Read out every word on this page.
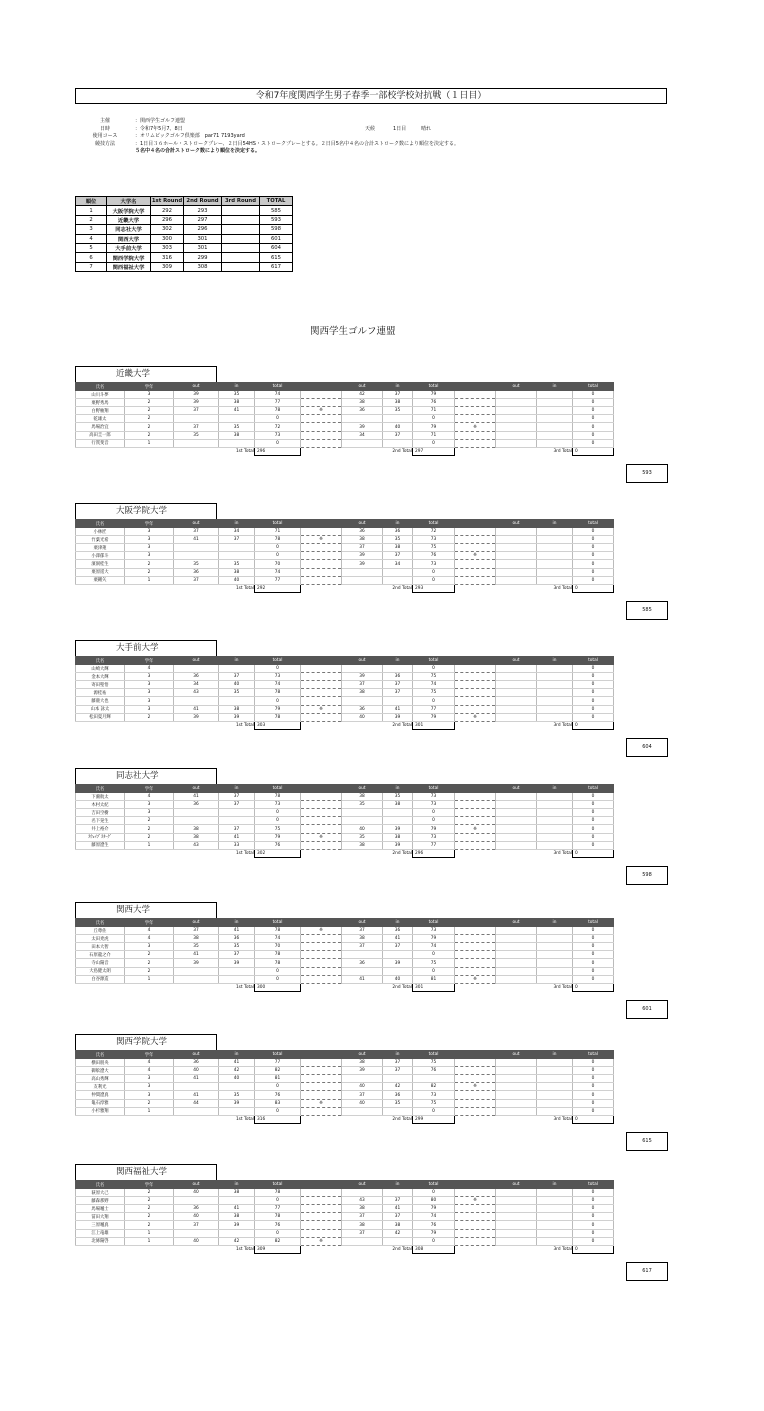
令和7年度関西学生男子春季一部校学校対抗戦（１日目）
主催	：関西学生ゴルフ連盟
日時	：令和7年5月7、8日	天候	1日目	晴れ
使用コース	：オリムピックゴルフ倶楽部　par71 7193yard
競技方法	：1日目３６ホール・ストロークプレー、２日目54HS・ストロークプレーとする。２日目5名中４名の合計ストローク数により順位を決定する。
５名中４名の合計ストローク数により順位を決定する。
順位	大学名	1st Round	2nd Round	3rd Round	TOTAL
1	大阪学院大学	292	293		585
2	近畿大学	296	297		593
3	同志社大学	302	296		598
4	関西大学	300	301		601
5	大手前大学	303	301		604
6	関西学院大学	316	299		615
7	関西福祉大学	309	308		617
関西学生ゴルフ連盟
近畿大学
氏名	学年	out	in	total		out	in	total		out	in	total
山川斗夢	3	39	35	74		42	37	79				0
栗野秀馬	2	39	38	77		38	38	76				0
白野柚翔	2	37	41	78	※	36	35	71				0
乾雄太	2			0				0				0
馬場治宜	2	37	35	72		39	40	79	※			0
高田圭一郎	2	35	38	73		34	37	71				0
行貫斐音	1			0				0				0
			1st Total	296			2nd Total	297			3rd Total	0
593
大阪学院大学
氏名	学年	out	in	total		out	in	total		out	in	total
小林匠	3	37	34	71		36	36	72				0
竹葉光希	3	41	37	78	※	38	35	73				0
栗津蓮	3			0		37	38	75				0
小澤郁斗	3			0		39	37	76	※			0
濱洞桂生	2	35	35	70		39	34	73				0
栗原遥大	2	36	38	74				0				0
栗剛矢	1	37	40	77				0				0
			1st Total	292			2nd Total	293			3rd Total	0
585
大手前大学
氏名	学年	out	in	total		out	in	total		out	in	total
山崎大輝	4			0				0				0
金本大輝	3	36	37	73		39	36	75				0
寄田聖悟	3	34	40	74		37	37	74				0
源桂祐	3	43	35	78		38	37	75				0
藤鹿大也	3			0				0				0
山本 詠太	3	41	38	79	※	36	41	77				0
松田夏月輝	2	39	39	78		40	39	79	※			0
			1st Total	303			2nd Total	301			3rd Total	0
604
同志社大学
氏名	学年	out	in	total		out	in	total		out	in	total
下薗航太	4	41	37	78		38	35	73				0
木村太紀	3	36	37	73		35	38	73				0
吉田空樹	3			0				0				0
名下晃生	2			0				0				0
井上裕介	2	38	37	75		40	39	79	※			0
ｽｳｪｲﾌﾞｽﾀｰｸﾞ	2	38	41	79	※	35	38	73				0
藤原遼生	1	43	33	76		38	39	77				0
			1st Total	302			2nd Total	296			3rd Total	0
598
関西大学
氏名	学年	out	in	total		out	in	total		out	in	total
丘尊佐	4	37	41	78	※	37	36	73				0
太田尭虎	4	38	36	74		38	41	79				0
田本大智	3	35	35	70		37	37	74				0
石原龍之介	2	41	37	78				0				0
寺山陽音	2	39	39	78		36	39	75				0
大島健太朗	2			0				0				0
白谷源造	1			0		41	40	81	※			0
			1st Total	300			2nd Total	301			3rd Total	0
601
関西学院大学
氏名	学年	out	in	total		out	in	total		out	in	total
横田朋央	4	36	41	77		38	37	75				0
御舩遼大	4	40	42	82		39	37	76				0
高山秀輝	3	41	40	81								0
友利光	3			0		40	42	82	※			0
仲間遼真	3	41	35	76		37	36	73				0
亀石淳雅	2	44	39	83	※	40	35	75				0
小杉雅翔	1			0				0				0
			1st Total	316			2nd Total	299			3rd Total	0
615
関西福祉大学
氏名	学年	out	in	total		out	in	total		out	in	total
萩原大己	2	40	38	78				0				0
藤森那野	2			0		43	37	80	※			0
馬場颯士	2	36	41	77		38	41	79				0
冨田大翔	2	40	38	78		37	37	74				0
三原颯真	2	37	39	76		38	38	76				0
江上竜雄	1			0		37	42	79				0
北條陽啓	1	40	42	82	※			0				0
			1st Total	309			2nd Total	308			3rd Total	0
617
